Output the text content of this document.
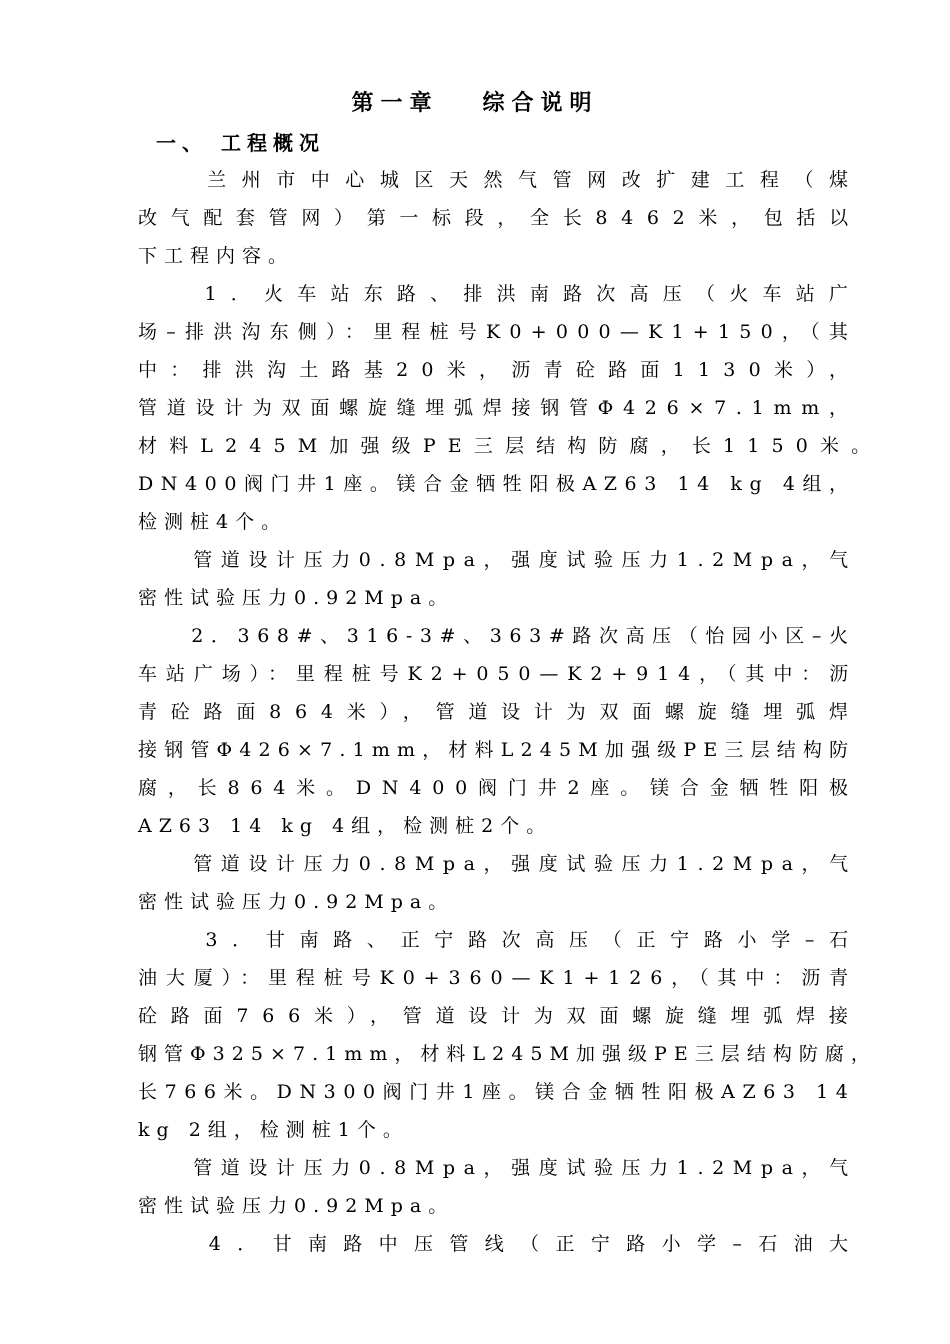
第一章   综合说明
一、 工程概况
　　兰州市中心城区天然气管网改扩建工程（煤
改气配套管网）第一标段，全长8462米，包括以
下工程内容。
　　1．火车站东路、排洪南路次高压（火车站广
场–排洪沟东侧）：里程桩号K0+000—K1+150，（其
中：排洪沟土路基20米，沥青砼路面1130米），
管道设计为双面螺旋缝埋弧焊接钢管Φ426×7.1mm，
材料L245M加强级PE三层结构防腐，长1150米。
DN400阀门井1座。镁合金牺牲阳极AZ63 14 kg 4组，
检测桩4个。
　　管道设计压力0.8Mpa，强度试验压力1.2Mpa，气
密性试验压力0.92Mpa。
　　2．368#、316-3#、363#路次高压（怡园小区–火
车站广场）：里程桩号K2+050—K2+914，（其中：沥
青砼路面864米），管道设计为双面螺旋缝埋弧焊
接钢管Φ426×7.1mm，材料L245M加强级PE三层结构防
腐，长864米。DN400阀门井2座。镁合金牺牲阳极
AZ63 14 kg 4组，检测桩2个。
　　管道设计压力0.8Mpa，强度试验压力1.2Mpa，气
密性试验压力0.92Mpa。
　　3．甘南路、正宁路次高压（正宁路小学–石
油大厦）：里程桩号K0+360—K1+126，（其中：沥青
砼路面766米），管道设计为双面螺旋缝埋弧焊接
钢管Φ325×7.1mm，材料L245M加强级PE三层结构防腐，
长766米。DN300阀门井1座。镁合金牺牲阳极AZ63 14
kg 2组，检测桩1个。
　　管道设计压力0.8Mpa，强度试验压力1.2Mpa，气
密性试验压力0.92Mpa。
　　4．甘南路中压管线（正宁路小学–石油大
